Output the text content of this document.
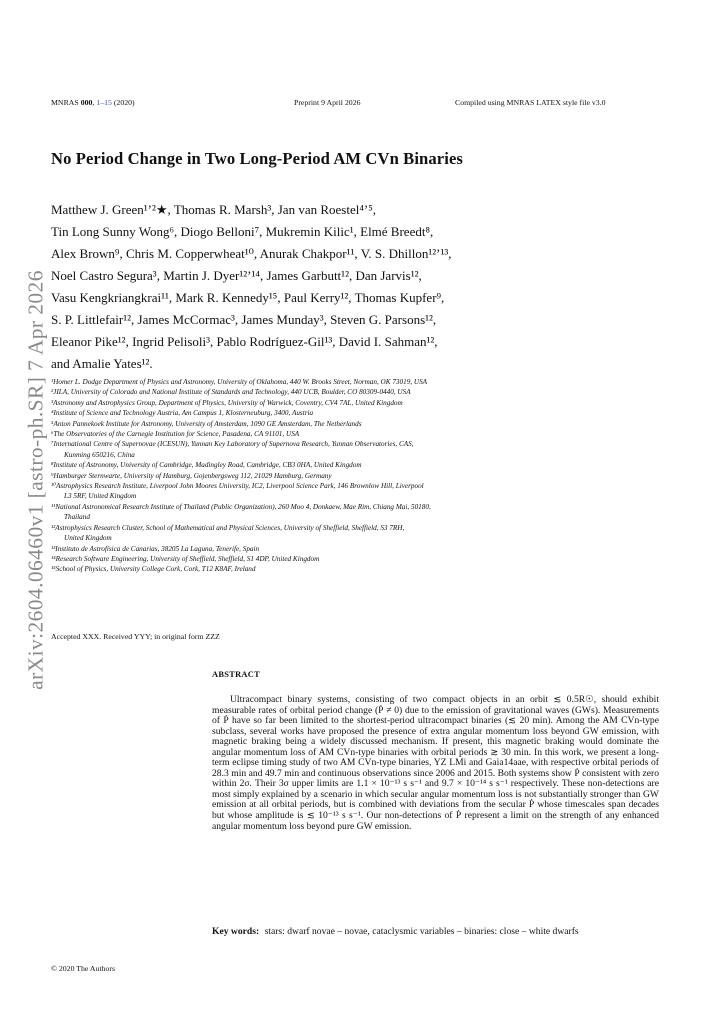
MNRAS 000, 1–15 (2020)	Preprint 9 April 2026	Compiled using MNRAS LATEX style file v3.0
arXiv:2604.06460v1 [astro-ph.SR] 7 Apr 2026
No Period Change in Two Long-Period AM CVn Binaries

Matthew J. Green¹ʼ²★, Thomas R. Marsh³, Jan van Roestel⁴ʼ⁵,

Tin Long Sunny Wong⁶, Diogo Belloni⁷, Mukremin Kilic¹, Elmé Breedt⁸,

Alex Brown⁹, Chris M. Copperwheat¹⁰, Anurak Chakpor¹¹, V. S. Dhillon¹²ʼ¹³,

Noel Castro Segura³, Martin J. Dyer¹²ʼ¹⁴, James Garbutt¹², Dan Jarvis¹²,

Vasu Kengkriangkrai¹¹, Mark R. Kennedy¹⁵, Paul Kerry¹², Thomas Kupfer⁹,

S. P. Littlefair¹², James McCormac³, James Munday³, Steven G. Parsons¹²,

Eleanor Pike¹², Ingrid Pelisoli³, Pablo Rodríguez-Gil¹³, David I. Sahman¹²,

and Amalie Yates¹².

¹Homer L. Dodge Department of Physics and Astronomy, University of Oklahoma, 440 W. Brooks Street, Norman, OK 73019, USA
²JILA, University of Colorado and National Institute of Standards and Technology, 440 UCB, Boulder, CO 80309-0440, USA
³Astronomy and Astrophysics Group, Department of Physics, University of Warwick, Coventry, CV4 7AL, United Kingdom
⁴Institute of Science and Technology Austria, Am Campus 1, Klosterneuburg, 3400, Austria
⁵Anton Pannekoek Institute for Astronomy, University of Amsterdam, 1090 GE Amsterdam, The Netherlands
⁶The Observatories of the Carnegie Institution for Science, Pasadena, CA 91101, USA
⁷International Centre of Supernovae (ICESUN), Yunnan Key Laboratory of Supernova Research, Yunnan Observatories, CAS,
Kunming 650216, China
⁸Institute of Astronomy, University of Cambridge, Madingley Road, Cambridge, CB3 0HA, United Kingdom
⁹Hamburger Sternwarte, University of Hamburg, Gojenbergsweg 112, 21029 Hamburg, Germany
¹⁰Astrophysics Research Institute, Liverpool John Moores University, IC2, Liverpool Science Park, 146 Brownlow Hill, Liverpool
L3 5RF, United Kingdom
¹¹National Astronomical Research Institute of Thailand (Public Organization), 260 Moo 4, Donkaew, Mae Rim, Chiang Mai, 50180,
Thailand
¹²Astrophysics Research Cluster, School of Mathematical and Physical Sciences, University of Sheffield, Sheffield, S3 7RH,
United Kingdom
¹³Instituto de Astrofísica de Canarias, 38205 La Laguna, Tenerife, Spain
¹⁴Research Software Engineering, University of Sheffield, Sheffield, S1 4DP, United Kingdom
¹⁵School of Physics, University College Cork, Cork, T12 K8AF, Ireland
Accepted XXX. Received YYY; in original form ZZZ
ABSTRACT

Ultracompact binary systems, consisting of two compact objects in an orbit ≲ 0.5R☉, should exhibit measurable rates of orbital period change (Ṗ ≠ 0) due to the emission of gravitational waves (GWs). Measurements of Ṗ have so far been limited to the shortest-period ultracompact binaries (≲ 20 min). Among the AM CVn-type subclass, several works have proposed the presence of extra angular momentum loss beyond GW emission, with magnetic braking being a widely discussed mechanism. If present, this magnetic braking would dominate the angular momentum loss of AM CVn-type binaries with orbital periods ≳ 30 min. In this work, we present a long-term eclipse timing study of two AM CVn-type binaries, YZ LMi and Gaia14aae, with respective orbital periods of 28.3 min and 49.7 min and continuous observations since 2006 and 2015. Both systems show Ṗ consistent with zero within 2σ. Their 3σ upper limits are 1.1 × 10⁻¹³ s s⁻¹ and 9.7 × 10⁻¹⁴ s s⁻¹ respectively. These non-detections are most simply explained by a scenario in which secular angular momentum loss is not substantially stronger than GW emission at all orbital periods, but is combined with deviations from the secular Ṗ whose timescales span decades but whose amplitude is ≲ 10⁻¹³ s s⁻¹. Our non-detections of Ṗ represent a limit on the strength of any enhanced angular momentum loss beyond pure GW emission.

Key words: stars: dwarf novae – novae, cataclysmic variables – binaries: close – white dwarfs

© 2020 The Authors
